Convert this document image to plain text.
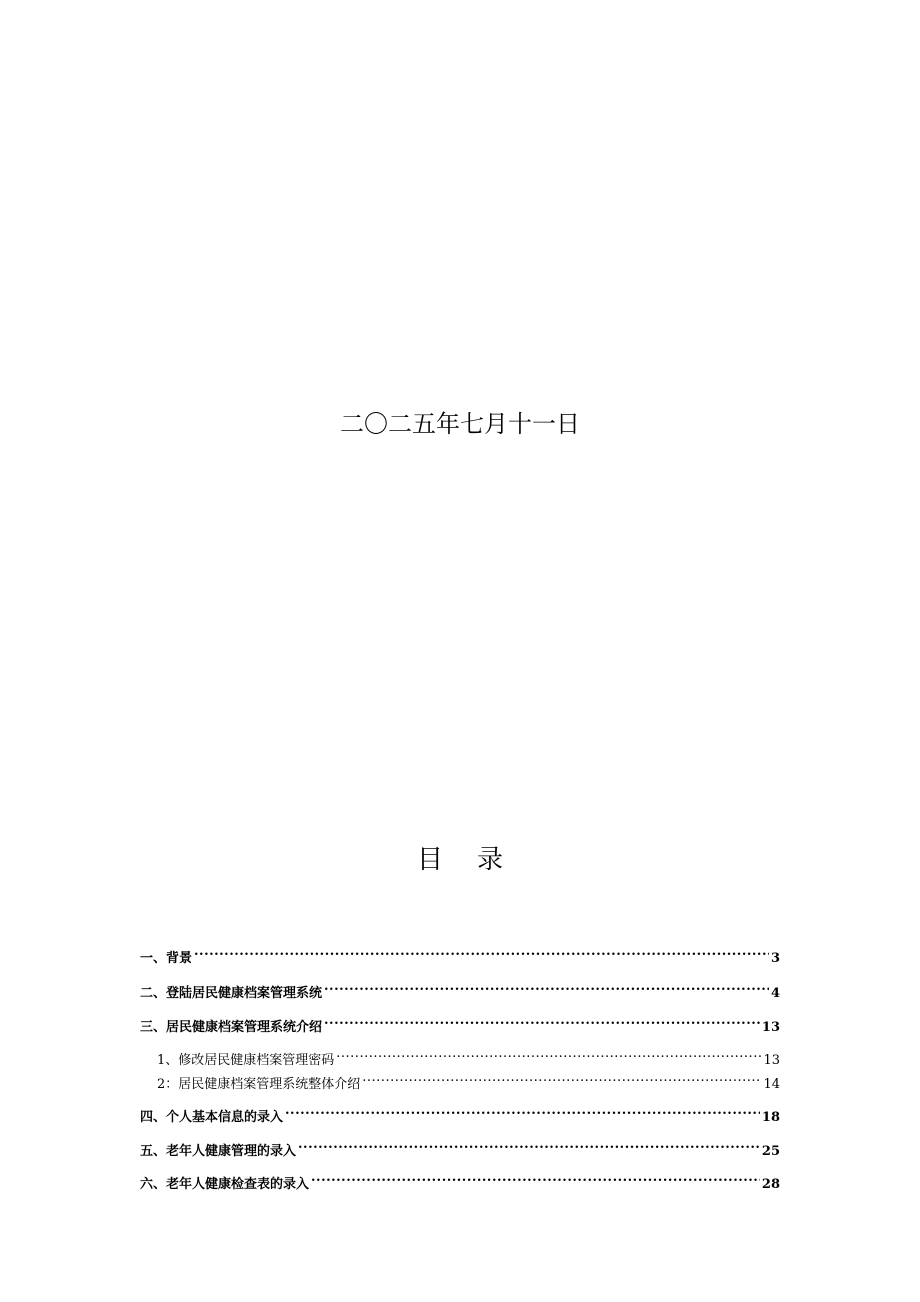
二〇二五年七月十一日
目 录
一、背景 .....	3
二、登陆居民健康档案管理系统 .....	4
三、居民健康档案管理系统介绍 .....	13
1、修改居民健康档案管理密码 .....	13
2：居民健康档案管理系统整体介绍 .....	14
四、个人基本信息的录入 .....	18
五、老年人健康管理的录入 .....	25
六、老年人健康检查表的录入 .....	28
